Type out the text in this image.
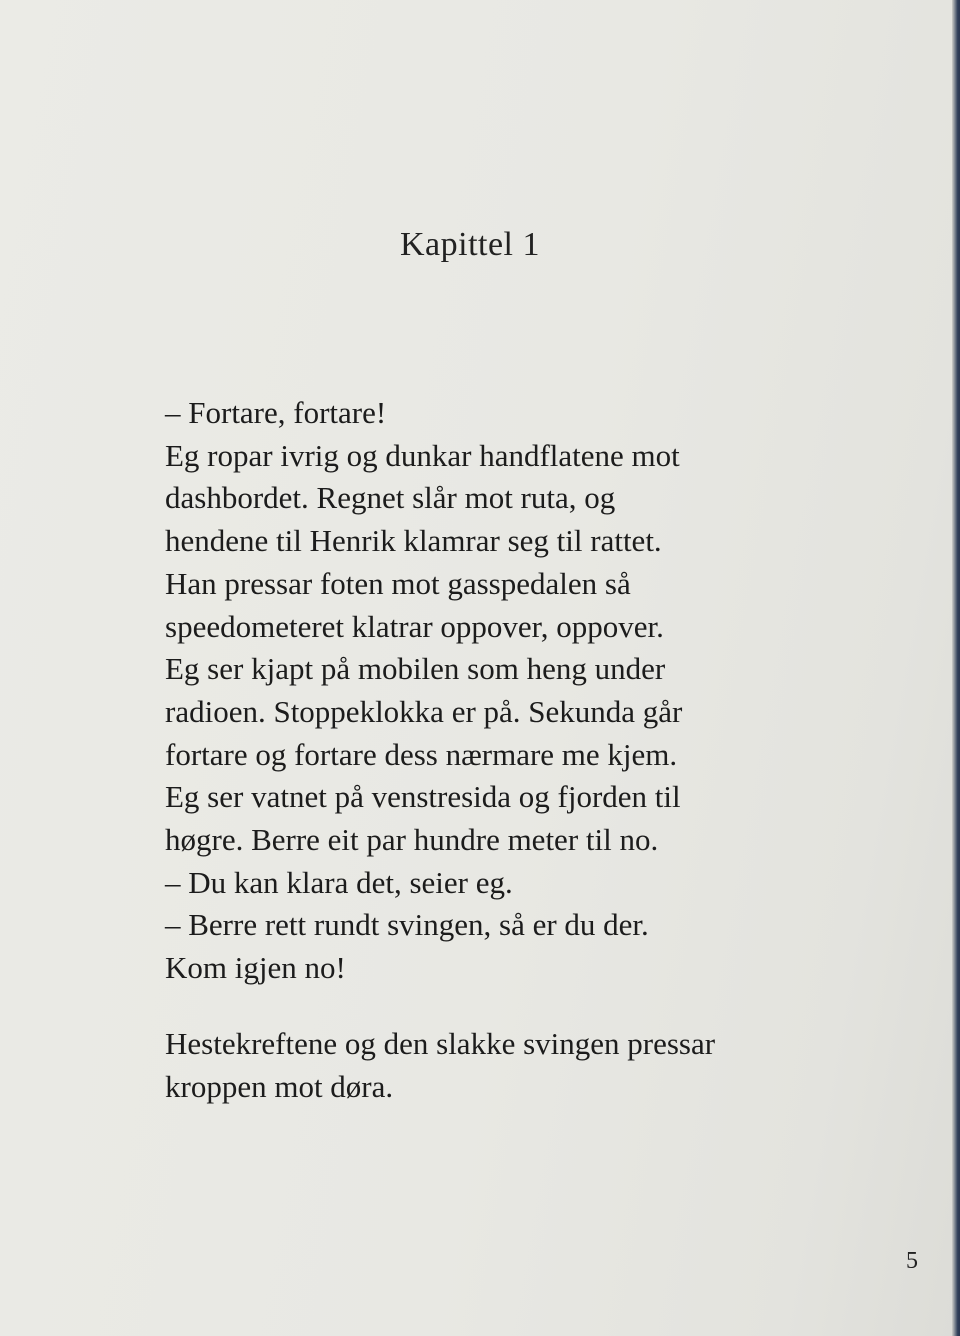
Kapittel 1
– Fortare, fortare!
Eg ropar ivrig og dunkar handflatene mot
dashbordet. Regnet slår mot ruta, og
hendene til Henrik klamrar seg til rattet.
Han pressar foten mot gasspedalen så
speedometeret klatrar oppover, oppover.
Eg ser kjapt på mobilen som heng under
radioen. Stoppeklokka er på. Sekunda går
fortare og fortare dess nærmare me kjem.
Eg ser vatnet på venstresida og fjorden til
høgre. Berre eit par hundre meter til no.
– Du kan klara det, seier eg.
– Berre rett rundt svingen, så er du der.
Kom igjen no!
Hestekreftene og den slakke svingen pressar
kroppen mot døra.
5
